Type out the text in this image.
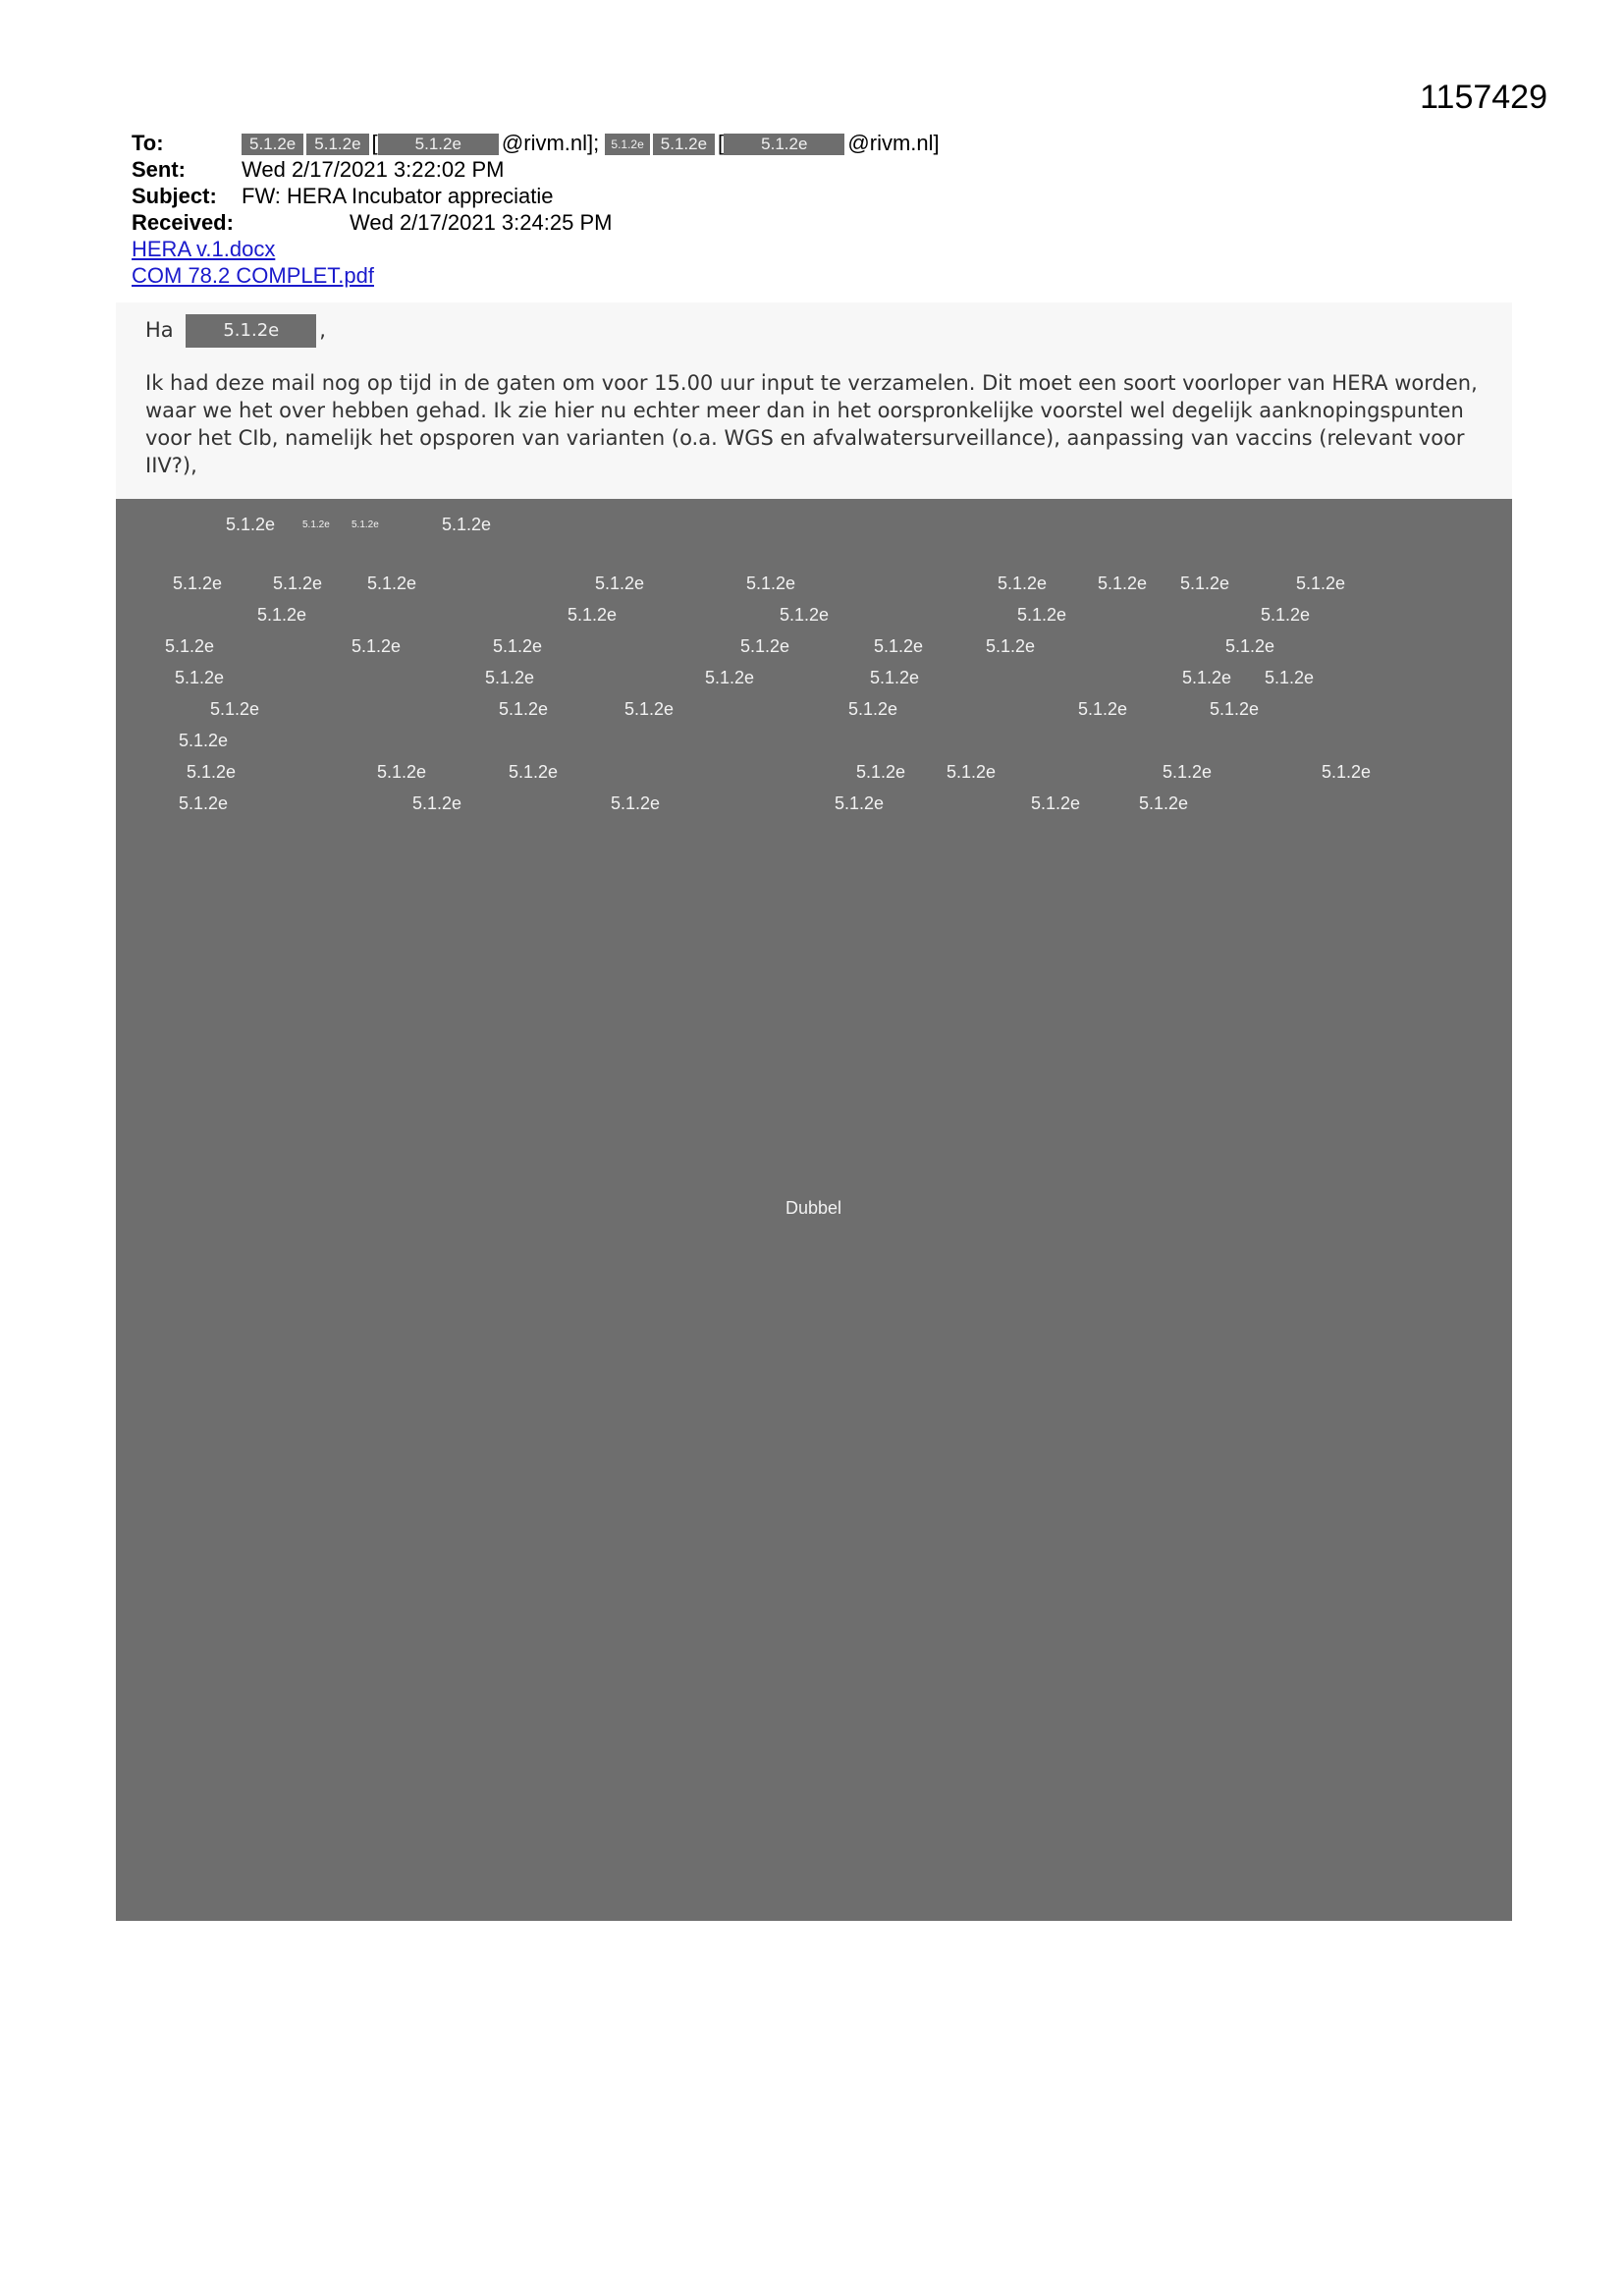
1157429
To:	5.1.2e 5.1.2e [ 5.1.2e @rivm.nl]; 5.1.2e 5.1.2e [ 5.1.2e @rivm.nl]
Sent:	Wed 2/17/2021 3:22:02 PM
Subject: FW: HERA Incubator appreciatie
Received:	Wed 2/17/2021 3:24:25 PM
HERA v.1.docx
COM 78.2 COMPLET.pdf
Ha	5.1.2e ,
Ik had deze mail nog op tijd in de gaten om voor 15.00 uur input te verzamelen. Dit moet een soort voorloper van HERA worden, waar we het over hebben gehad. Ik zie hier nu echter meer dan in het oorspronkelijke voorstel wel degelijk aanknopingspunten voor het CIb, namelijk het opsporen van varianten (o.a. WGS en afvalwatersurveillance), aanpassing van vaccins (relevant voor IIV?),
5.1.2e	5.1.2e 5.1.2e	5.1.2e
5.1.2e	5.1.2e	5.1.2e	5.1.2e	5.1.2e	5.1.2e	5.1.2e 5.1.2e	5.1.2e
5.1.2e	5.1.2e	5.1.2e	5.1.2e	5.1.2e
5.1.2e	5.1.2e	5.1.2e	5.1.2e	5.1.2e	5.1.2e	5.1.2e
5.1.2e	5.1.2e	5.1.2e	5.1.2e	5.1.2e 5.1.2e
5.1.2e	5.1.2e	5.1.2e	5.1.2e	5.1.2e	5.1.2e
5.1.2e
5.1.2e	5.1.2e	5.1.2e	5.1.2e 5.1.2e	5.1.2e	5.1.2e
5.1.2e	5.1.2e	5.1.2e	5.1.2e	5.1.2e	5.1.2e
Dubbel
